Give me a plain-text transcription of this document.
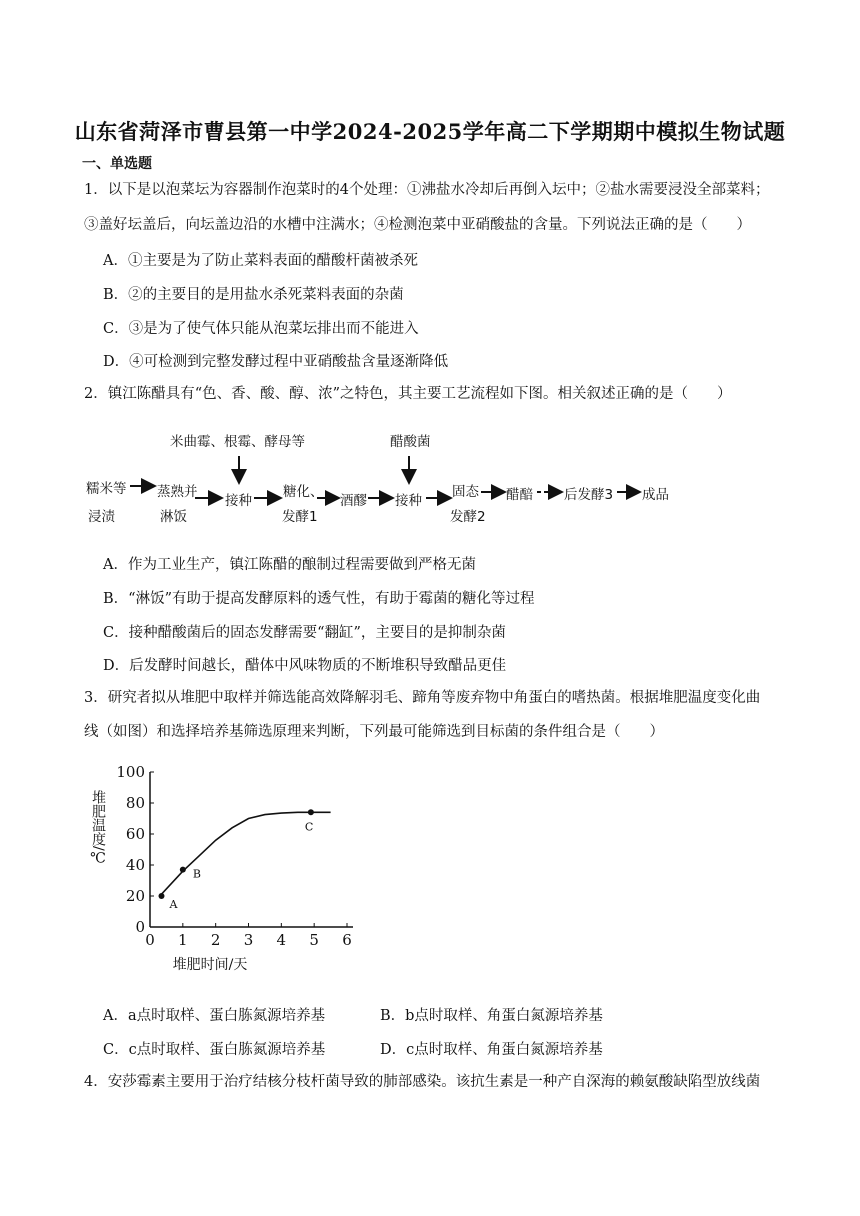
山东省菏泽市曹县第一中学2024-2025学年高二下学期期中模拟生物试题
一、单选题
1．以下是以泡菜坛为容器制作泡菜时的4个处理：①沸盐水冷却后再倒入坛中；②盐水需要浸没全部菜料；
③盖好坛盖后，向坛盖边沿的水槽中注满水；④检测泡菜中亚硝酸盐的含量。下列说法正确的是（　　）
A．①主要是为了防止菜料表面的醋酸杆菌被杀死
B．②的主要目的是用盐水杀死菜料表面的杂菌
C．③是为了使气体只能从泡菜坛排出而不能进入
D．④可检测到完整发酵过程中亚硝酸盐含量逐渐降低
2．镇江陈醋具有“色、香、酸、醇、浓”之特色，其主要工艺流程如下图。相关叙述正确的是（　　）
米曲霉、根霉、酵母等	醋酸菌
糯米等
浸渍
蒸熟并
淋饭
接种
糖化、
发酵1
酒醪 接种
固态
发酵2
醋醅 后发酵3 成品
A．作为工业生产，镇江陈醋的酿制过程需要做到严格无菌
B．“淋饭”有助于提高发酵原料的透气性，有助于霉菌的糖化等过程
C．接种醋酸菌后的固态发酵需要“翻缸”，主要目的是抑制杂菌
D．后发酵时间越长，醋体中风味物质的不断堆积导致醋品更佳
3．研究者拟从堆肥中取样并筛选能高效降解羽毛、蹄角等废弃物中角蛋白的嗜热菌。根据堆肥温度变化曲
线（如图）和选择培养基筛选原理来判断，下列最可能筛选到目标菌的条件组合是（　　）
0 1 2 3 4 5 6
0
20
40
60
80
100
A
B
C
堆肥时间/天
堆肥温度/℃
A．a点时取样、蛋白胨氮源培养基	B．b点时取样、角蛋白氮源培养基
C．c点时取样、蛋白胨氮源培养基	D．c点时取样、角蛋白氮源培养基
4．安莎霉素主要用于治疗结核分枝杆菌导致的肺部感染。该抗生素是一种产自深海的赖氨酸缺陷型放线菌
